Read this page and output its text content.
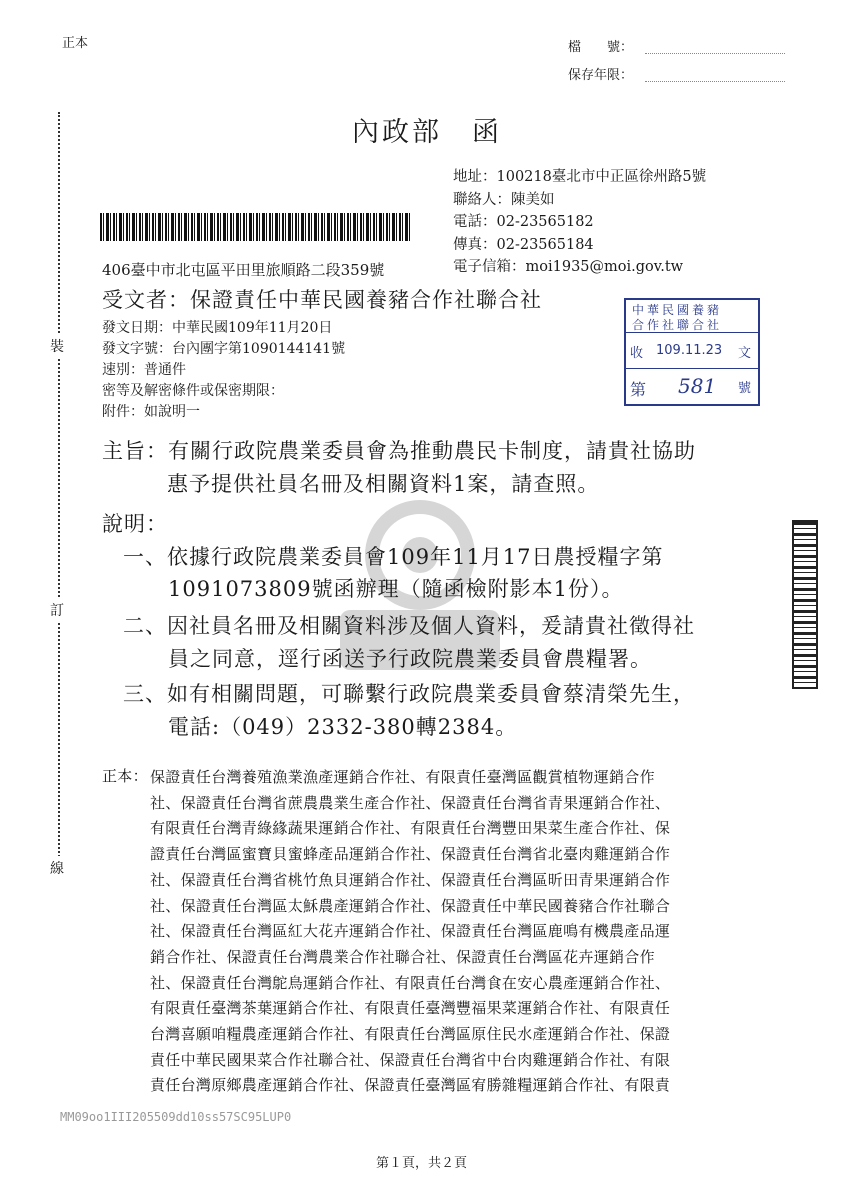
正本	檔　　號：
保存年限：
裝
訂
線
內政部　函
地址：100218臺北市中正區徐州路5號
聯絡人：陳美如
電話：02-23565182
傳真：02-23565184
電子信箱：moi1935@moi.gov.tw
406臺中市北屯區平田里旅順路二段359號
受文者：保證責任中華民國養豬合作社聯合社
發文日期：中華民國109年11月20日
發文字號：台內團字第1090144141號
速別：普通件
密等及解密條件或保密期限：
附件：如說明一
中華民國養豬
合作社聯合社
收 109.11.23 文
第 581 號
主旨：有關行政院農業委員會為推動農民卡制度，請貴社協助
惠予提供社員名冊及相關資料1案，請查照。
說明：
一、依據行政院農業委員會109年11月17日農授糧字第
1091073809號函辦理（隨函檢附影本1份）。
二、因社員名冊及相關資料涉及個人資料，爰請貴社徵得社
員之同意，逕行函送予行政院農業委員會農糧署。
三、如有相關問題，可聯繫行政院農業委員會蔡清榮先生，
電話:（049）2332-380轉2384。
正本： 保證責任台灣養殖漁業漁產運銷合作社、有限責任臺灣區觀賞植物運銷合作
社、保證責任台灣省蔗農農業生產合作社、保證責任台灣省青果運銷合作社、
有限責任台灣青綠緣蔬果運銷合作社、有限責任台灣豐田果菜生產合作社、保
證責任台灣區蜜寶貝蜜蜂產品運銷合作社、保證責任台灣省北臺肉雞運銷合作
社、保證責任台灣省桃竹魚貝運銷合作社、保證責任台灣區昕田青果運銷合作
社、保證責任台灣區太穌農產運銷合作社、保證責任中華民國養豬合作社聯合
社、保證責任台灣區紅大花卉運銷合作社、保證責任台灣區鹿鳴有機農產品運
銷合作社、保證責任台灣農業合作社聯合社、保證責任台灣區花卉運銷合作
社、保證責任台灣鴕鳥運銷合作社、有限責任台灣食在安心農產運銷合作社、
有限責任臺灣茶葉運銷合作社、有限責任臺灣豐福果菜運銷合作社、有限責任
台灣喜願咱糧農產運銷合作社、有限責任台灣區原住民水產運銷合作社、保證
責任中華民國果菜合作社聯合社、保證責任台灣省中台肉雞運銷合作社、有限
責任台灣原鄉農產運銷合作社、保證責任臺灣區宥勝雜糧運銷合作社、有限責
MM09oo1III205509dd10ss57SC95LUP0
第１頁，共２頁
